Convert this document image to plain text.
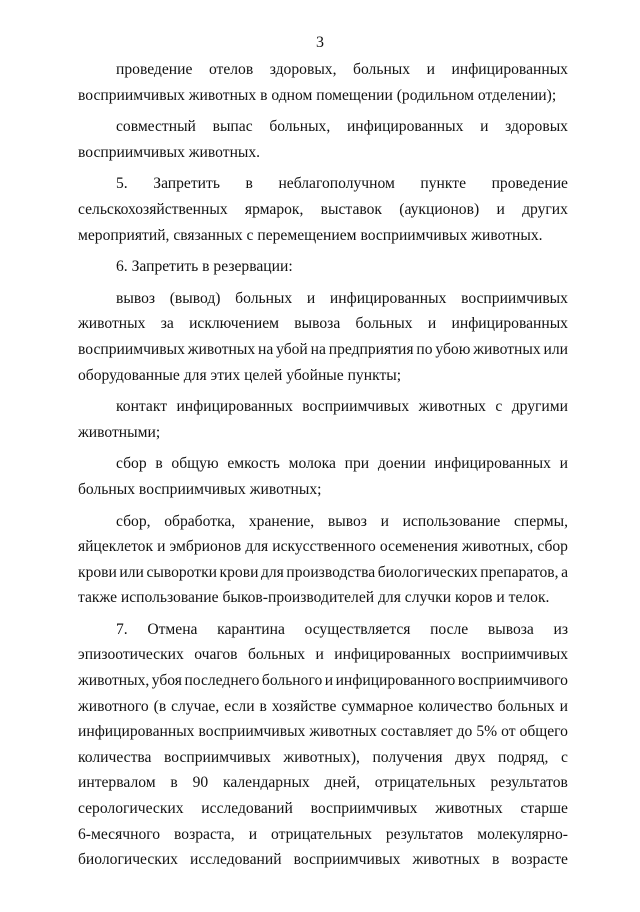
3
проведение отелов здоровых, больных и инфицированных
восприимчивых животных в одном помещении (родильном отделении);
совместный выпас больных, инфицированных и здоровых
восприимчивых животных.
5. Запретить в неблагополучном пункте проведение
сельскохозяйственных ярмарок, выставок (аукционов) и других
мероприятий, связанных с перемещением восприимчивых животных.
6. Запретить в резервации:
вывоз (вывод) больных и инфицированных восприимчивых
животных за исключением вывоза больных и инфицированных
восприимчивых животных на убой на предприятия по убою животных или
оборудованные для этих целей убойные пункты;
контакт инфицированных восприимчивых животных с другими
животными;
сбор в общую емкость молока при доении инфицированных и
больных восприимчивых животных;
сбор, обработка, хранение, вывоз и использование спермы,
яйцеклеток и эмбрионов для искусственного осеменения животных, сбор
крови или сыворотки крови для производства биологических препаратов, а
также использование быков-производителей для случки коров и телок.
7. Отмена карантина осуществляется после вывоза из
эпизоотических очагов больных и инфицированных восприимчивых
животных, убоя последнего больного и инфицированного восприимчивого
животного (в случае, если в хозяйстве суммарное количество больных и
инфицированных восприимчивых животных составляет до 5% от общего
количества восприимчивых животных), получения двух подряд, с
интервалом в 90 календарных дней, отрицательных результатов
серологических исследований восприимчивых животных старше
6-месячного возраста, и отрицательных результатов молекулярно-
биологических исследований восприимчивых животных в возрасте
